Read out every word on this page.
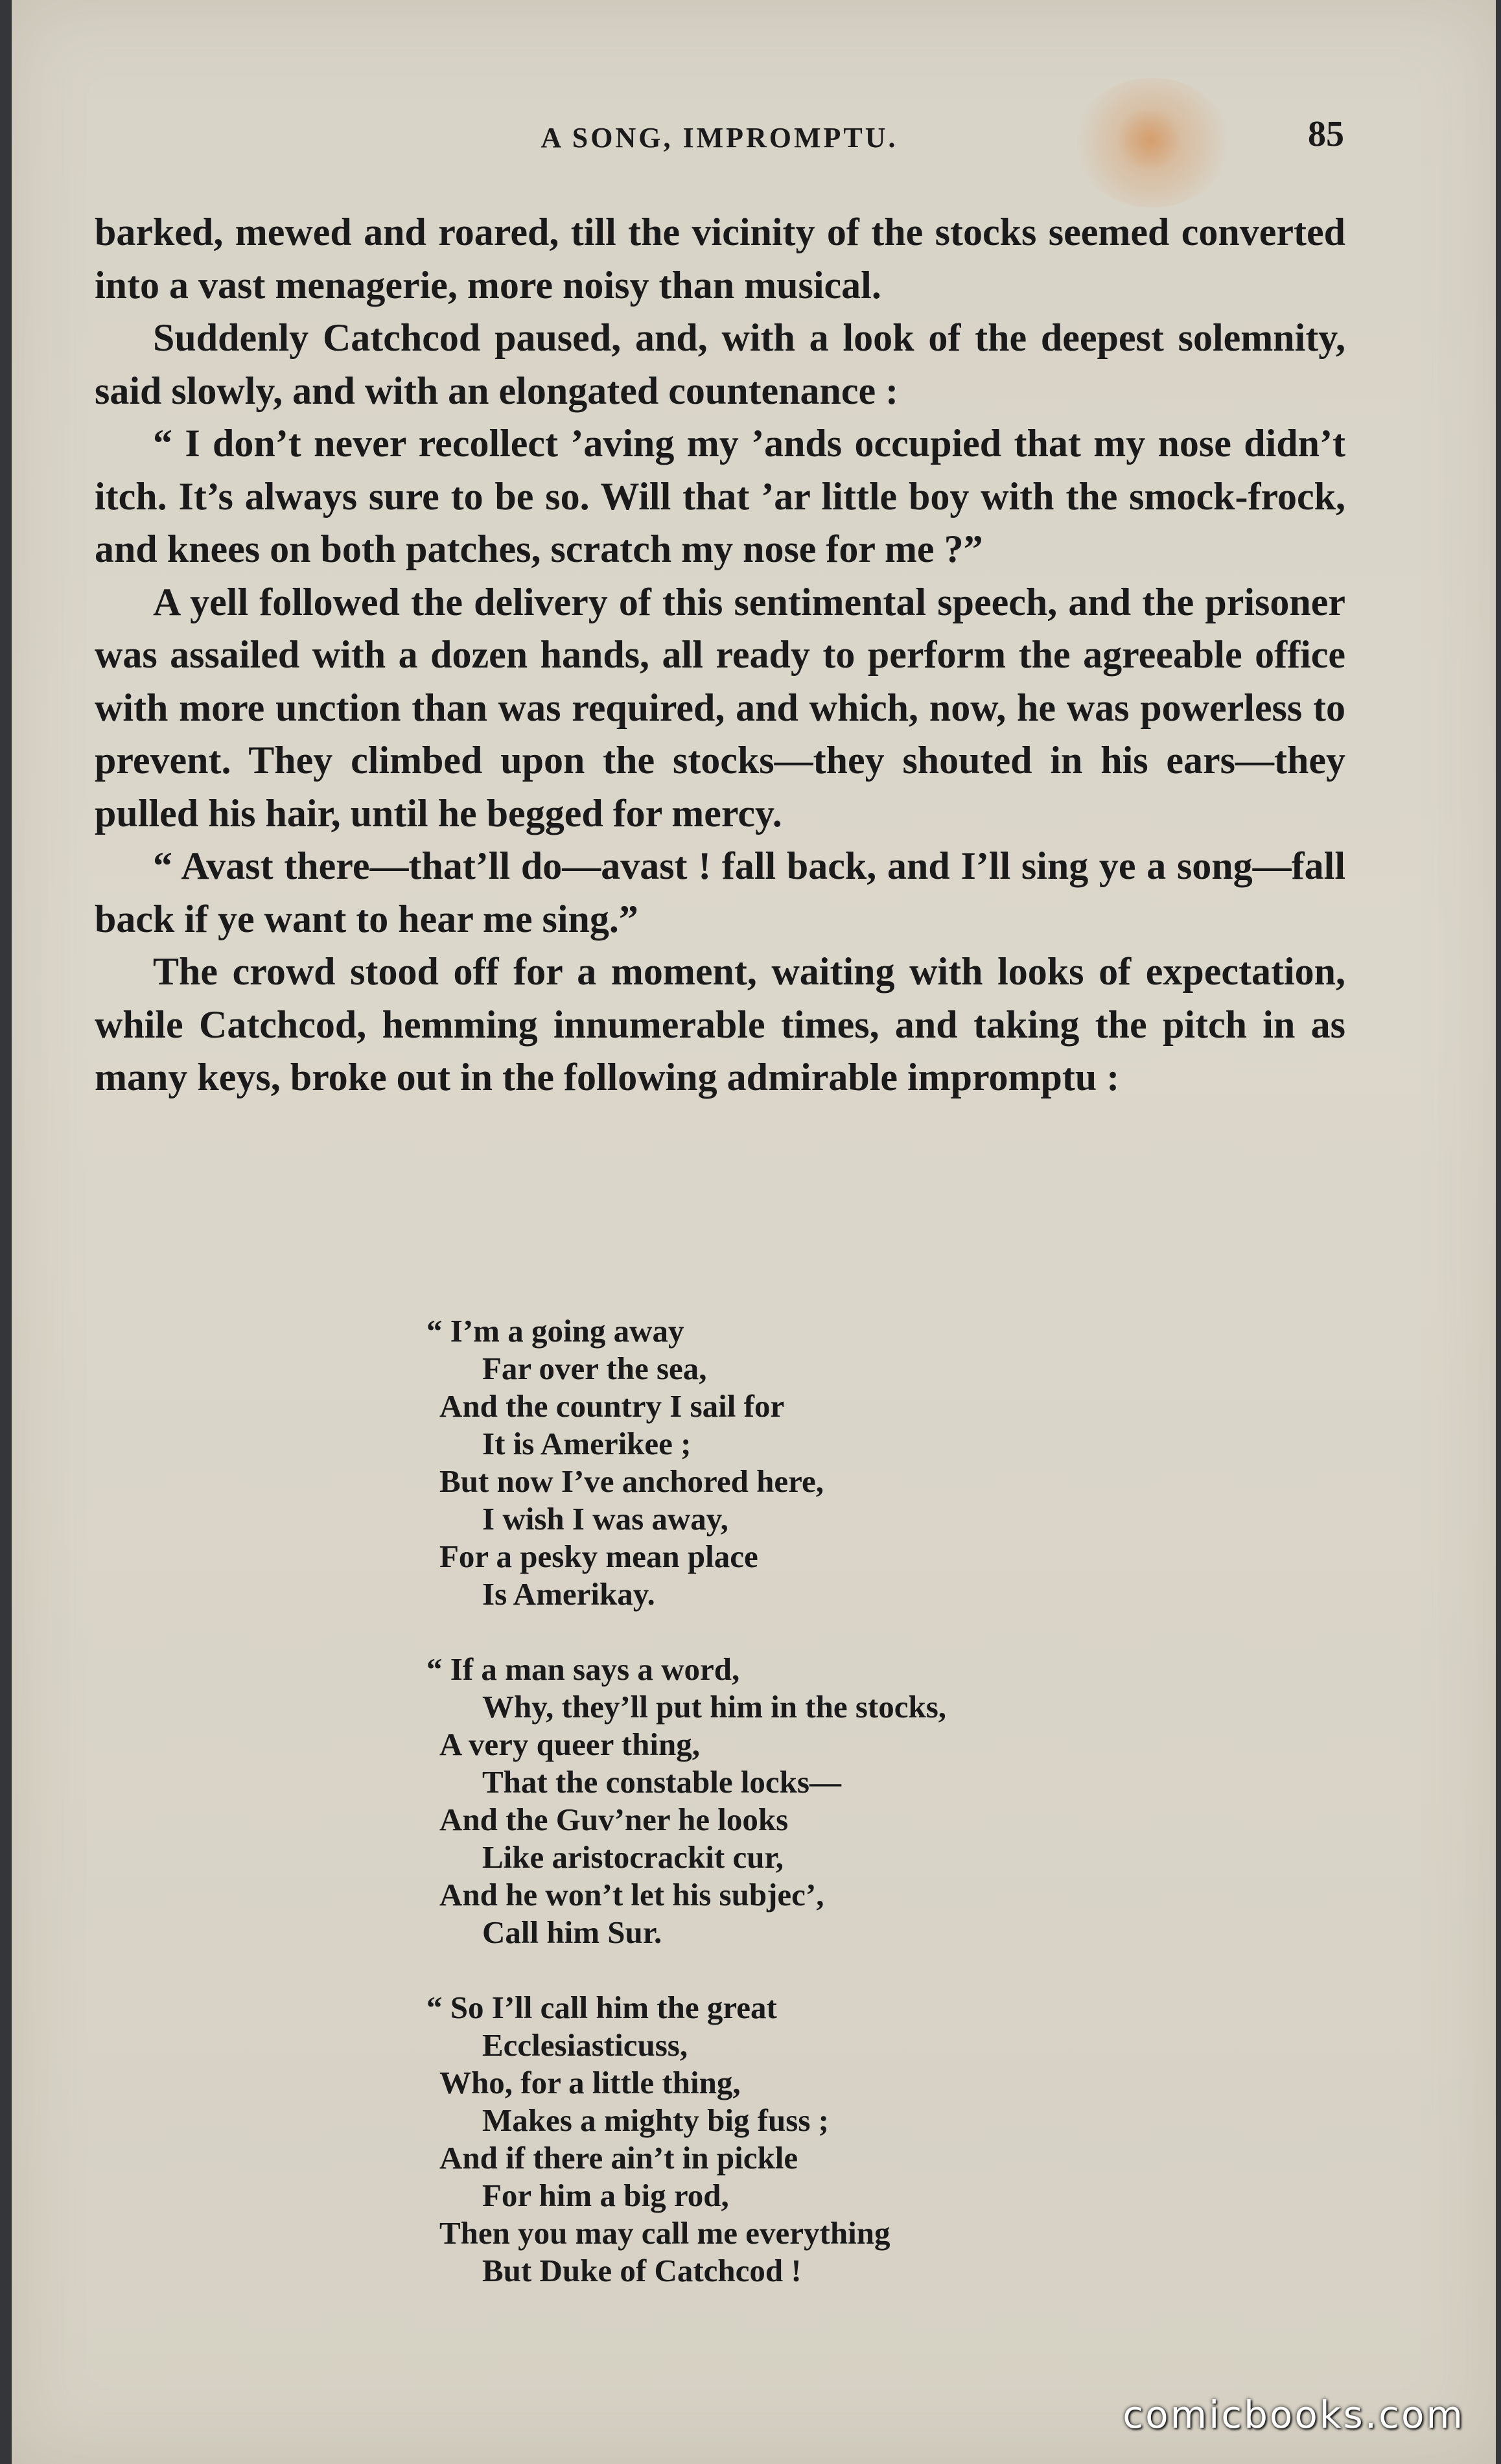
A SONG, IMPROMPTU.	85

barked, mewed and roared, till the vicinity of the stocks seemed converted into a vast menagerie, more noisy than musical.

Suddenly Catchcod paused, and, with a look of the deepest solemnity, said slowly, and with an elongated countenance :

“ I don’t never recollect ’aving my ’ands occupied that my nose didn’t itch. It’s always sure to be so. Will that ’ar little boy with the smock-frock, and knees on both patches, scratch my nose for me ?”

A yell followed the delivery of this sentimental speech, and the prisoner was assailed with a dozen hands, all ready to perform the agreeable office with more unction than was required, and which, now, he was powerless to prevent. They climbed upon the stocks—they shouted in his ears—they pulled his hair, until he begged for mercy.

“ Avast there—that’ll do—avast ! fall back, and I’ll sing ye a song—fall back if ye want to hear me sing.”

The crowd stood off for a moment, waiting with looks of expectation, while Catchcod, hemming innumerable times, and taking the pitch in as many keys, broke out in the following admirable impromptu :

“ I’m a going away
Far over the sea,
And the country I sail for
It is Amerikee ;
But now I’ve anchored here,
I wish I was away,
For a pesky mean place
Is Amerikay.
“ If a man says a word,
Why, they’ll put him in the stocks,
A very queer thing,
That the constable locks—
And the Guv’ner he looks
Like aristocrackit cur,
And he won’t let his subjec’,
Call him Sur.
“ So I’ll call him the great
Ecclesiasticuss,
Who, for a little thing,
Makes a mighty big fuss ;
And if there ain’t in pickle
For him a big rod,
Then you may call me everything
But Duke of Catchcod !
comicbooks.com
